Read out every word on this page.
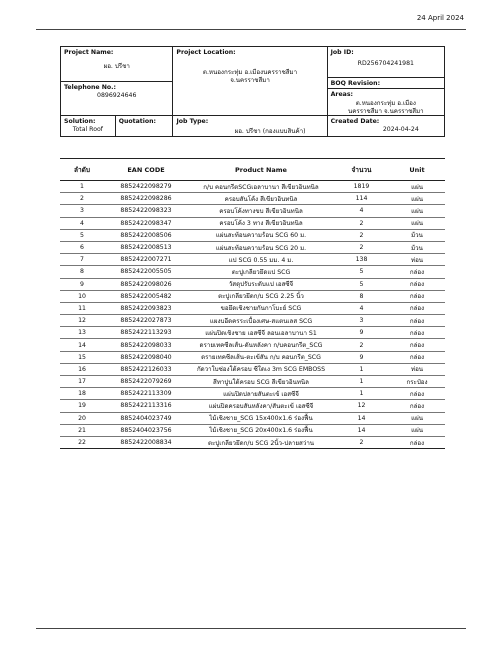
24 April 2024
Project Name:
ผอ. ปรีชา
Telephone No.:
0896924646
Project Location:
ต.หนองกระทุ่ม อ.เมืองนครราชสีมา
จ.นครราชสีมา
Job ID:
RD256704241981
BOQ Revision:
Areas:
ต.หนองกระทุ่ม อ.เมือง
นครราชสีมา จ.นครราชสีมา
Solution:
Total Roof
Quotation:	Job Type:
ผอ. ปรีชา (กองแบบสินค้า)
Created Date:
2024-04-24
ลำดับ	EAN CODE	Product Name	จำนวน	Unit
1	8852422098279	ก/บ คอนกรีตSCGเอลาบานา สีเขียวอินทนิล	1819	แผ่น
2	8852422098286	ครอบสันโค้ง สีเขียวอินทนิล	114	แผ่น
3	8852422098323	ครอบโค้งทางขบ สีเขียวอินทนิล	4	แผ่น
4	8852422098347	ครอบโค้ง 3 ทาง สีเขียวอินทนิล	2	แผ่น
5	8852422008506	แผ่นสะท้อนความร้อน SCG 60 ม.	2	ม้วน
6	8852422008513	แผ่นสะท้อนความร้อน SCG 20 ม.	2	ม้วน
7	8852422007271	แป SCG 0.55 มม. 4 ม.	138	ท่อน
8	8852422005505	ตะปูเกลียวยึดแป SCG	5	กล่อง
9	8852422098026	วัสดุปรับระดับแป เอสซีจี	5	กล่อง
10	8852422005482	ตะปูเกลียวยึดก/บ SCG 2.25 นิ้ว	8	กล่อง
11	8852422093823	ขอยึดเชิงชายกันกาโบะย์ SCG	4	กล่อง
12	8852422027873	แผงบอีดครระเบื้องเศษ-สแตนเลส SCG	3	กล่อง
13	8852422113293	แผ่นปิดเชิงชาย เอสซีจี ลอนเอลาบานา S1	9	กล่อง
14	8852422098033	ดรายเทคซีลเส้น-ดันหลังคา ก/บคอนกรีต_SCG	2	กล่อง
15	8852422098040	ดรายเทคซีลเส้น-ตะเข้สัน ก/บ คอนกรีต_SCG	9	กล่อง
16	8852422126033	กัดวาใบซ่องใต้ครอบ ซีใดเง 3m SCG EMBOSS	1	ท่อน
17	8852422079269	สีทาปูนใต้ครอบ SCG สีเขียวอินทนิล	1	กระป๋อง
18	8852422113309	แผ่นปิดปลายสันตะเข้ เอสซีจี	1	กล่อง
19	8852422113316	แผ่นปิดครอบสันหลังคา/สันตะเข้ เอสซีจี	12	กล่อง
20	8852404023749	ไม้เชิงชาย_SCG 15x400x1.6 ร่องฟื้น	14	แผ่น
21	8852404023756	ไม้เชิงชาย_SCG 20x400x1.6 ร่องฟื้น	14	แผ่น
22	8852422008834	ตะปูเกลียวยึดก/บ SCG 2นิ้ว-ปลายสว่าน	2	กล่อง
